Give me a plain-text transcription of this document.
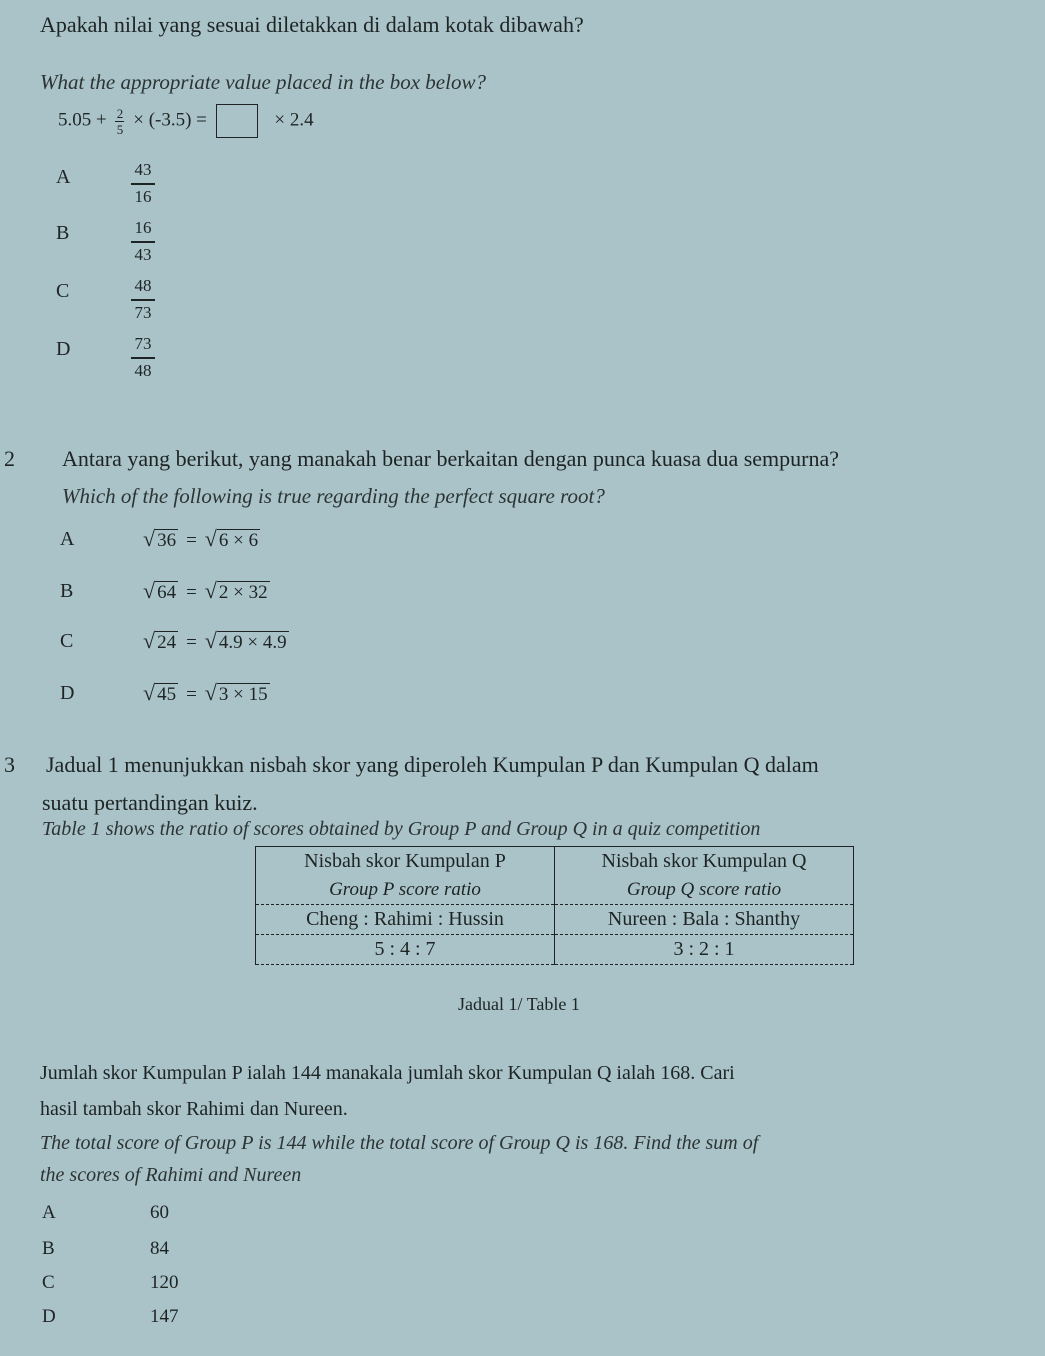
Apakah nilai yang sesuai diletakkan di dalam kotak dibawah?
What the appropriate value placed in the box below?
$5.05 + \frac{2}{5} \times (-3.5)$ =	× 2.4
A	43
16
B	16
43
C	48
73
D	73
48
2 Antara yang berikut, yang manakah benar berkaitan dengan punca kuasa dua sempurna?
Which of the following is true regarding the perfect square root?
A	√ 36 = √ 6 × 6
B	√ 64 = √ 2 × 32
C	√ 24 = √ 4.9 × 4.9
D	√ 45 = √ 3 × 15
3 Jadual 1 menunjukkan nisbah skor yang diperoleh Kumpulan P dan Kumpulan Q dalam
suatu pertandingan kuiz.
Table 1 shows the ratio of scores obtained by Group P and Group Q in a quiz competition
Nisbah skor Kumpulan P	Nisbah skor Kumpulan Q
Group P score ratio	Group Q score ratio
Cheng : Rahimi : Hussin	Nureen : Bala : Shanthy
5 : 4 : 7	3 : 2 : 1
Jadual 1/ Table 1
Jumlah skor Kumpulan P ialah 144 manakala jumlah skor Kumpulan Q ialah 168. Cari
hasil tambah skor Rahimi dan Nureen.
The total score of Group P is 144 while the total score of Group Q is 168. Find the sum of
the scores of Rahimi and Nureen
A	60
B	84
C	120
D	147
